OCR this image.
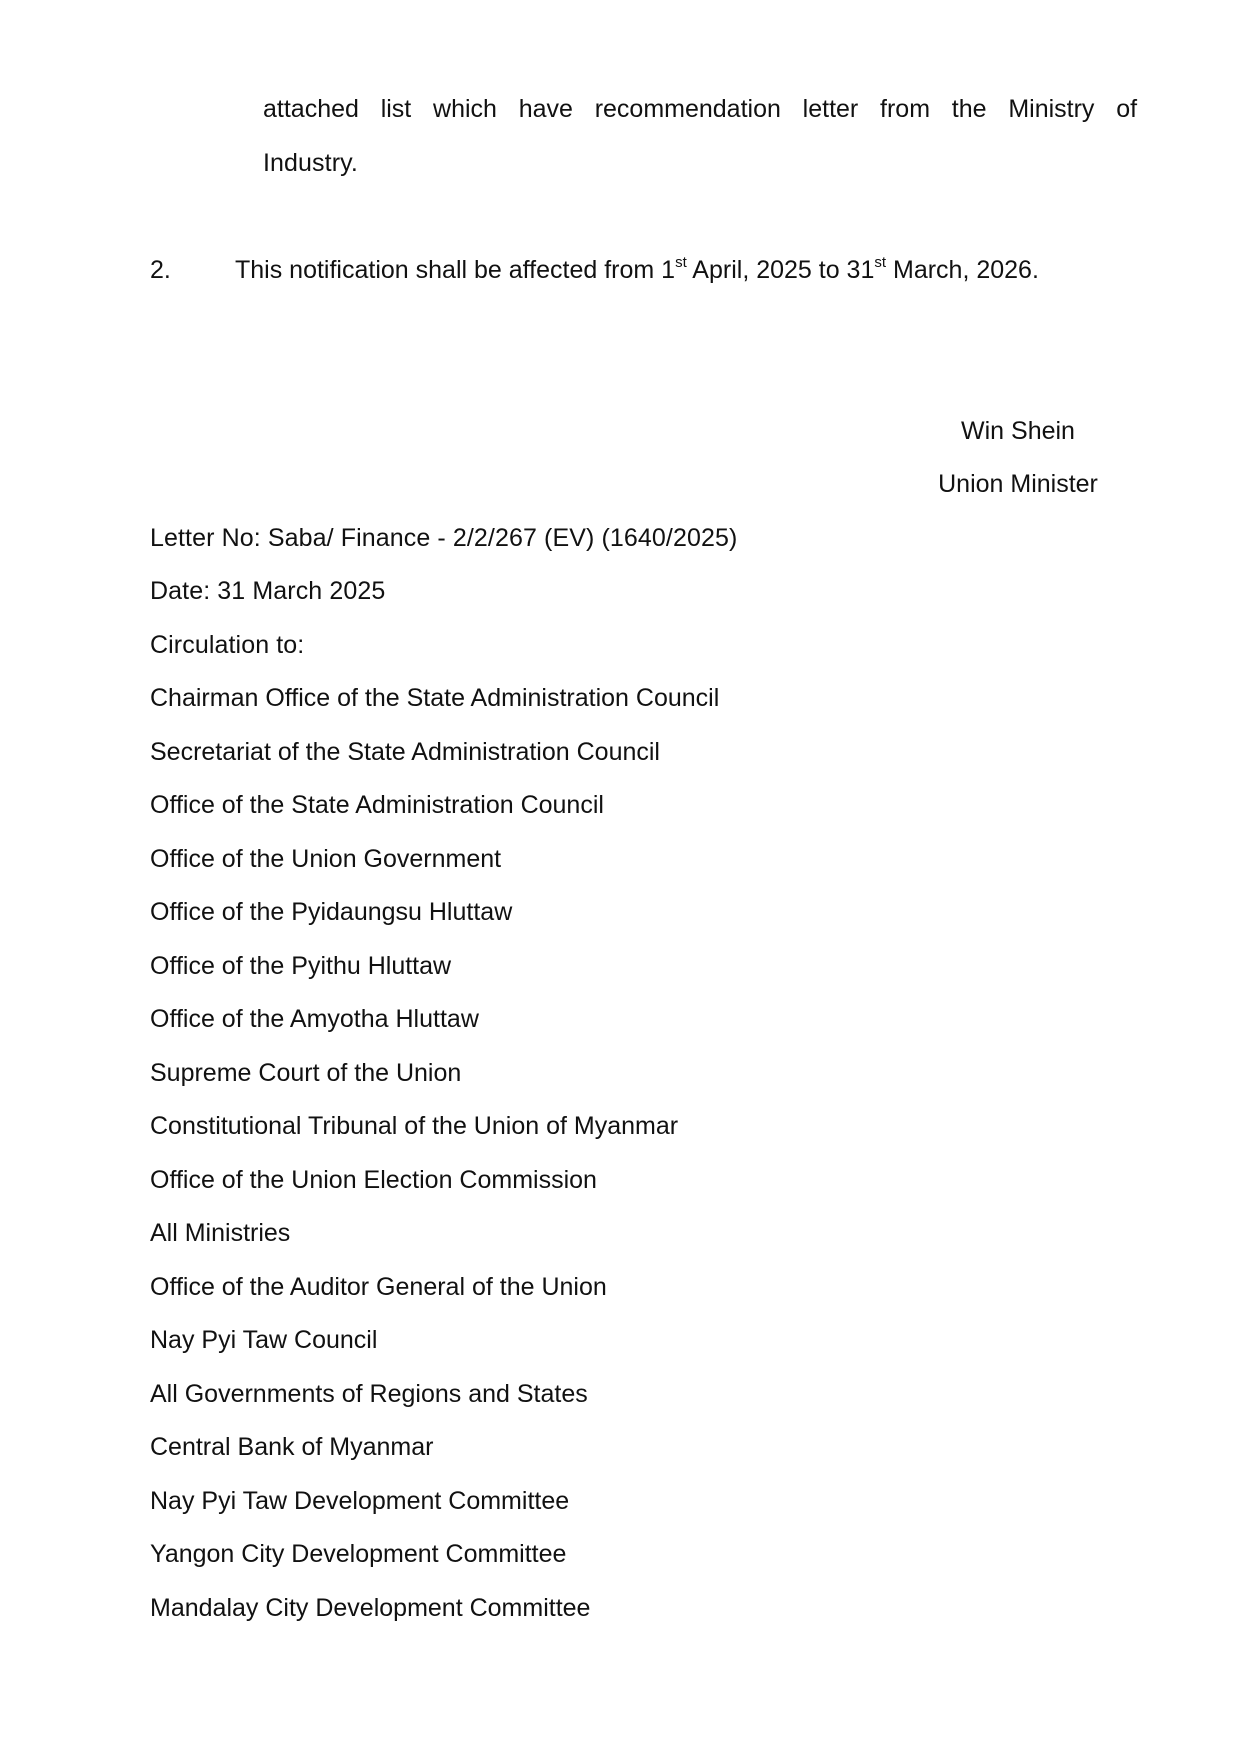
attached list which have recommendation letter from the Ministry of
Industry.
2.	This notification shall be affected from 1st April, 2025 to 31st March, 2026.
Win Shein
Union Minister
Letter No: Saba/ Finance - 2/2/267 (EV) (1640/2025)
Date: 31 March 2025
Circulation to:
Chairman Office of the State Administration Council
Secretariat of the State Administration Council
Office of the State Administration Council
Office of the Union Government
Office of the Pyidaungsu Hluttaw
Office of the Pyithu Hluttaw
Office of the Amyotha Hluttaw
Supreme Court of the Union
Constitutional Tribunal of the Union of Myanmar
Office of the Union Election Commission
All Ministries
Office of the Auditor General of the Union
Nay Pyi Taw Council
All Governments of Regions and States
Central Bank of Myanmar
Nay Pyi Taw Development Committee
Yangon City Development Committee
Mandalay City Development Committee
